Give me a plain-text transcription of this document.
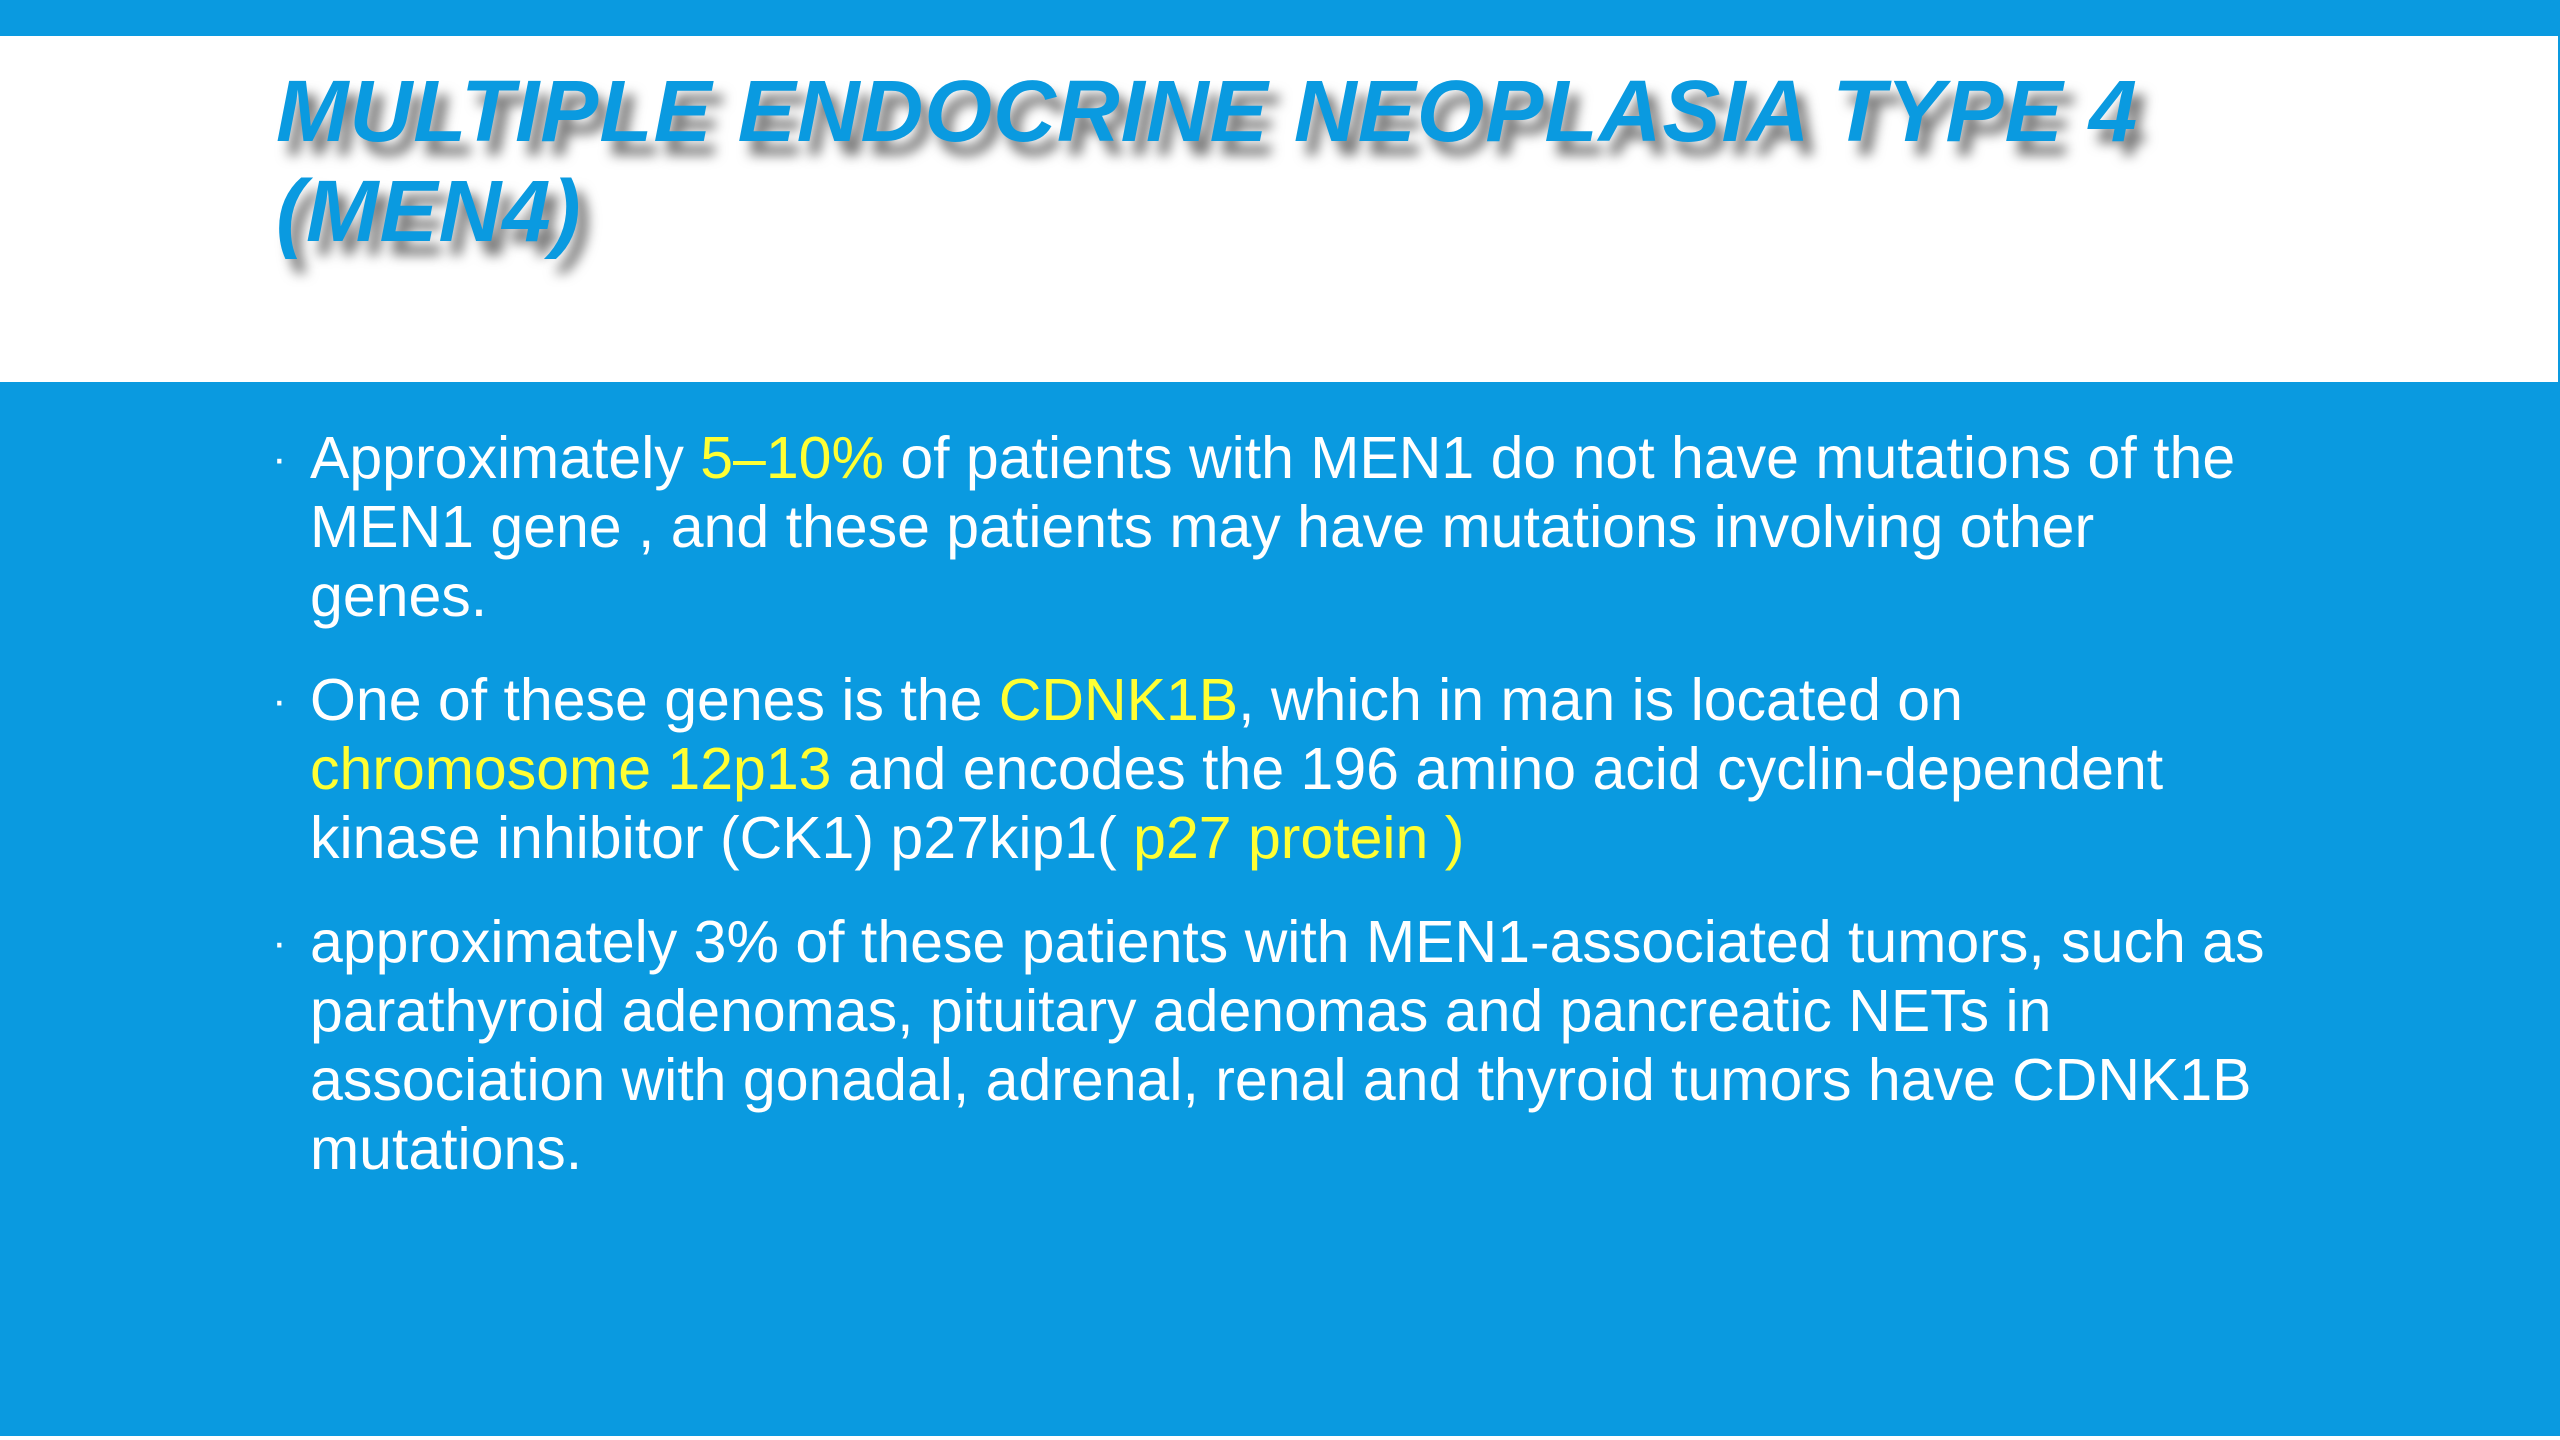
MULTIPLE ENDOCRINE NEOPLASIA TYPE 4 (MEN4)
· Approximately 5–10% of patients with MEN1 do not have mutations of the MEN1 gene , and these patients may have mutations involving other genes.
· One of these genes is the CDNK1B, which in man is located on chromosome 12p13 and encodes the 196 amino acid cyclin-dependent kinase inhibitor (CK1) p27kip1( p27 protein )
· approximately 3% of these patients with MEN1-associated tumors, such as parathyroid adenomas, pituitary adenomas and pancreatic NETs in association with gonadal, adrenal, renal and thyroid tumors have CDNK1B mutations.
